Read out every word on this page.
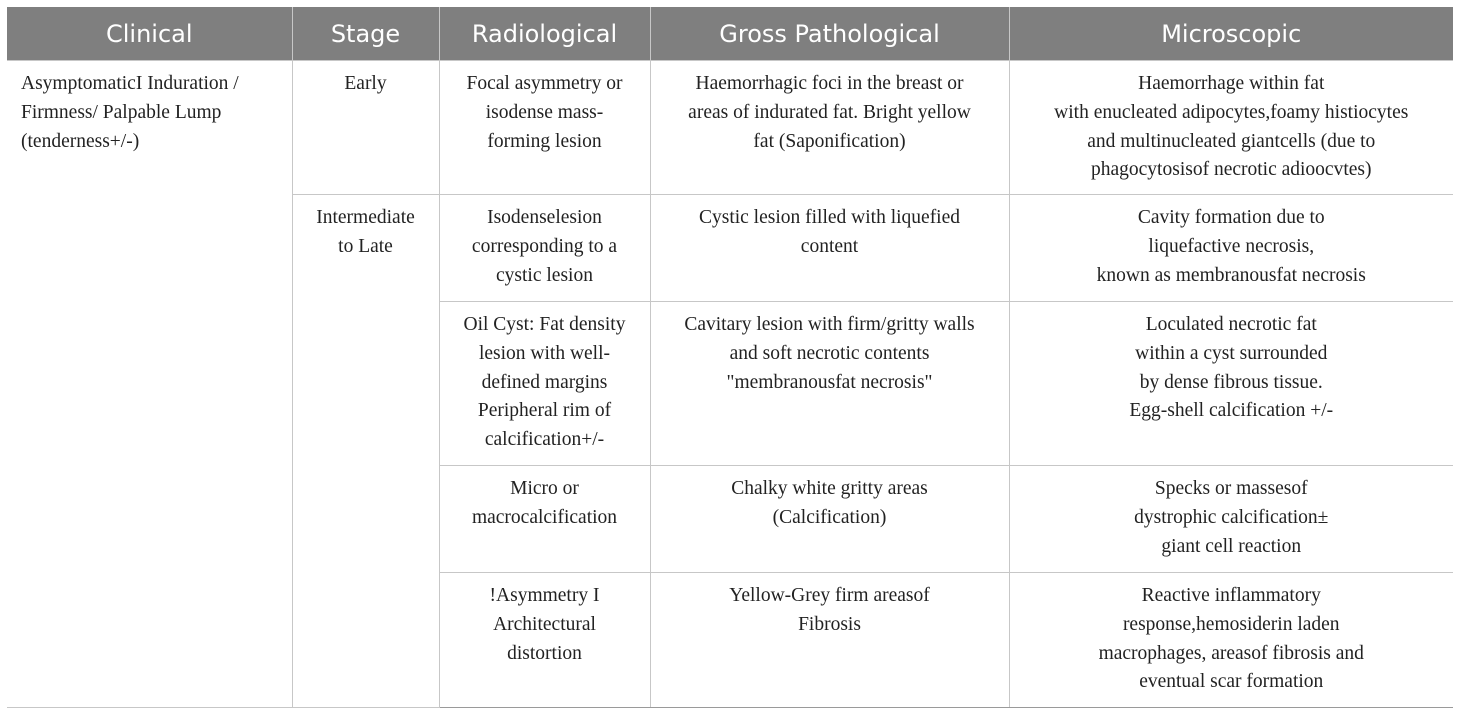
Clinical	Stage	Radiological	Gross Pathological	Microscopic
AsymptomaticI Induration / Firmness/ Palpable Lump (tenderness+/-)	Early	Focal asymmetry or
isodense mass-
forming lesion	Haemorrhagic foci in the breast or
areas of indurated fat. Bright yellow
fat (Saponification)	Haemorrhage within fat
with enucleated adipocytes,foamy histiocytes
and multinucleated giantcells (due to
phagocytosisof necrotic adioocvtes)
	Intermediate
to Late	Isodenselesion
corresponding to a
cystic lesion	Cystic lesion filled with liquefied
content	Cavity formation due to
liquefactive necrosis,
known as membranousfat necrosis
		Oil Cyst: Fat density
lesion with well-
defined margins
Peripheral rim of
calcification+/-	Cavitary lesion with firm/gritty walls
and soft necrotic contents
"membranousfat necrosis"	Loculated necrotic fat
within a cyst surrounded
by dense fibrous tissue.
Egg-shell calcification +/-
		Micro or
macrocalcification	Chalky white gritty areas
(Calcification)	Specks or massesof
dystrophic calcification±
giant cell reaction
		!Asymmetry I
Architectural
distortion	Yellow-Grey firm areasof
Fibrosis	Reactive inflammatory
response,hemosiderin laden
macrophages, areasof fibrosis and
eventual scar formation
